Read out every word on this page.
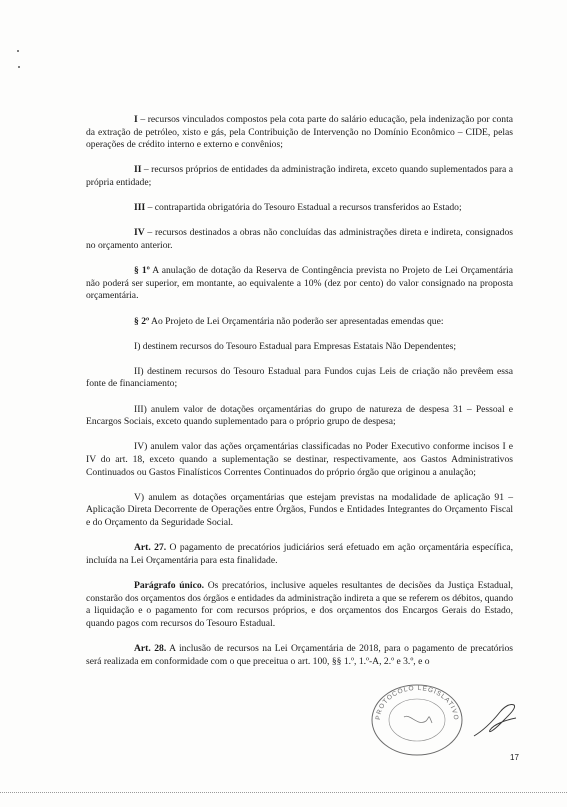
I – recursos vinculados compostos pela cota parte do salário educação, pela indenização por conta da extração de petróleo, xisto e gás, pela Contribuição de Intervenção no Domínio Econômico – CIDE, pelas operações de crédito interno e externo e convênios;

II – recursos próprios de entidades da administração indireta, exceto quando suplementados para a própria entidade;

III – contrapartida obrigatória do Tesouro Estadual a recursos transferidos ao Estado;

IV – recursos destinados a obras não concluídas das administrações direta e indireta, consignados no orçamento anterior.

§ 1º A anulação de dotação da Reserva de Contingência prevista no Projeto de Lei Orçamentária não poderá ser superior, em montante, ao equivalente a 10% (dez por cento) do valor consignado na proposta orçamentária.

§ 2º Ao Projeto de Lei Orçamentária não poderão ser apresentadas emendas que:

I) destinem recursos do Tesouro Estadual para Empresas Estatais Não Dependentes;

II) destinem recursos do Tesouro Estadual para Fundos cujas Leis de criação não prevêem essa fonte de financiamento;

III) anulem valor de dotações orçamentárias do grupo de natureza de despesa 31 – Pessoal e Encargos Sociais, exceto quando suplementado para o próprio grupo de despesa;

IV) anulem valor das ações orçamentárias classificadas no Poder Executivo conforme incisos I e IV do art. 18, exceto quando a suplementação se destinar, respectivamente, aos Gastos Administrativos Continuados ou Gastos Finalísticos Correntes Continuados do próprio órgão que originou a anulação;

V) anulem as dotações orçamentárias que estejam previstas na modalidade de aplicação 91 – Aplicação Direta Decorrente de Operações entre Órgãos, Fundos e Entidades Integrantes do Orçamento Fiscal e do Orçamento da Seguridade Social.

Art. 27. O pagamento de precatórios judiciários será efetuado em ação orçamentária específica, incluída na Lei Orçamentária para esta finalidade.

Parágrafo único. Os precatórios, inclusive aqueles resultantes de decisões da Justiça Estadual, constarão dos orçamentos dos órgãos e entidades da administração indireta a que se referem os débitos, quando a liquidação e o pagamento for com recursos próprios, e dos orçamentos dos Encargos Gerais do Estado, quando pagos com recursos do Tesouro Estadual.

Art. 28. A inclusão de recursos na Lei Orçamentária de 2018, para o pagamento de precatórios será realizada em conformidade com o que preceitua o art. 100, §§ 1.º, 1.º-A, 2.º e 3.º, e o

PROTOCOLO LEGISLATIVO
17
